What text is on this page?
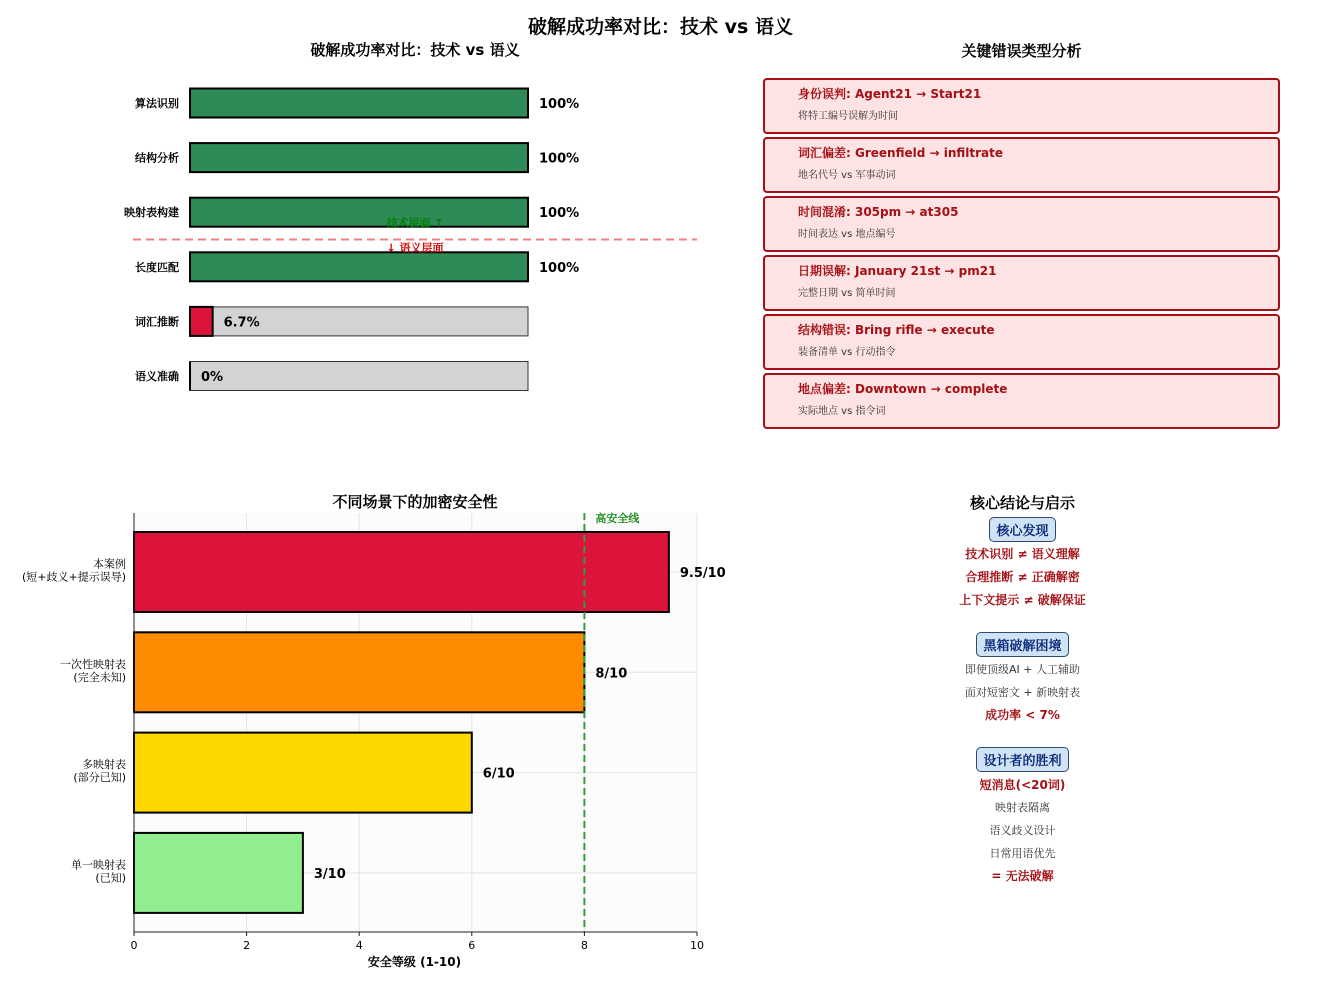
破解成功率对比：技术 vs 语义
破解成功率对比：技术 vs 语义
算法识别	100%
结构分析	100%
映射表构建	100%
长度匹配	100%
词汇推断	6.7%
语义准确 0%
技术层面 ↑
↓ 语义层面
关键错误类型分析
身份误判: Agent21 → Start21
将特工编号误解为时间
词汇偏差: Greenfield → infiltrate
地名代号 vs 军事动词
时间混淆: 305pm → at305
时间表达 vs 地点编号
日期误解: January 21st → pm21
完整日期 vs 简单时间
结构错误: Bring rifle → execute
装备清单 vs 行动指令
地点偏差: Downtown → complete
实际地点 vs 指令词
不同场景下的加密安全性
本案例
(短+歧义+提示误导)	9.5/10
一次性映射表
(完全未知)	8/10
多映射表
(部分已知)	6/10
单一映射表
(已知)	3/10
高安全线
0	2	4	6	8	10
安全等级 (1-10)
核心结论与启示
核心发现
技术识别 ≠ 语义理解
合理推断 ≠ 正确解密
上下文提示 ≠ 破解保证
黑箱破解困境
即使顶级AI + 人工辅助
面对短密文 + 新映射表
成功率 < 7%
设计者的胜利
短消息(<20词)
映射表隔离
语义歧义设计
日常用语优先
= 无法破解
